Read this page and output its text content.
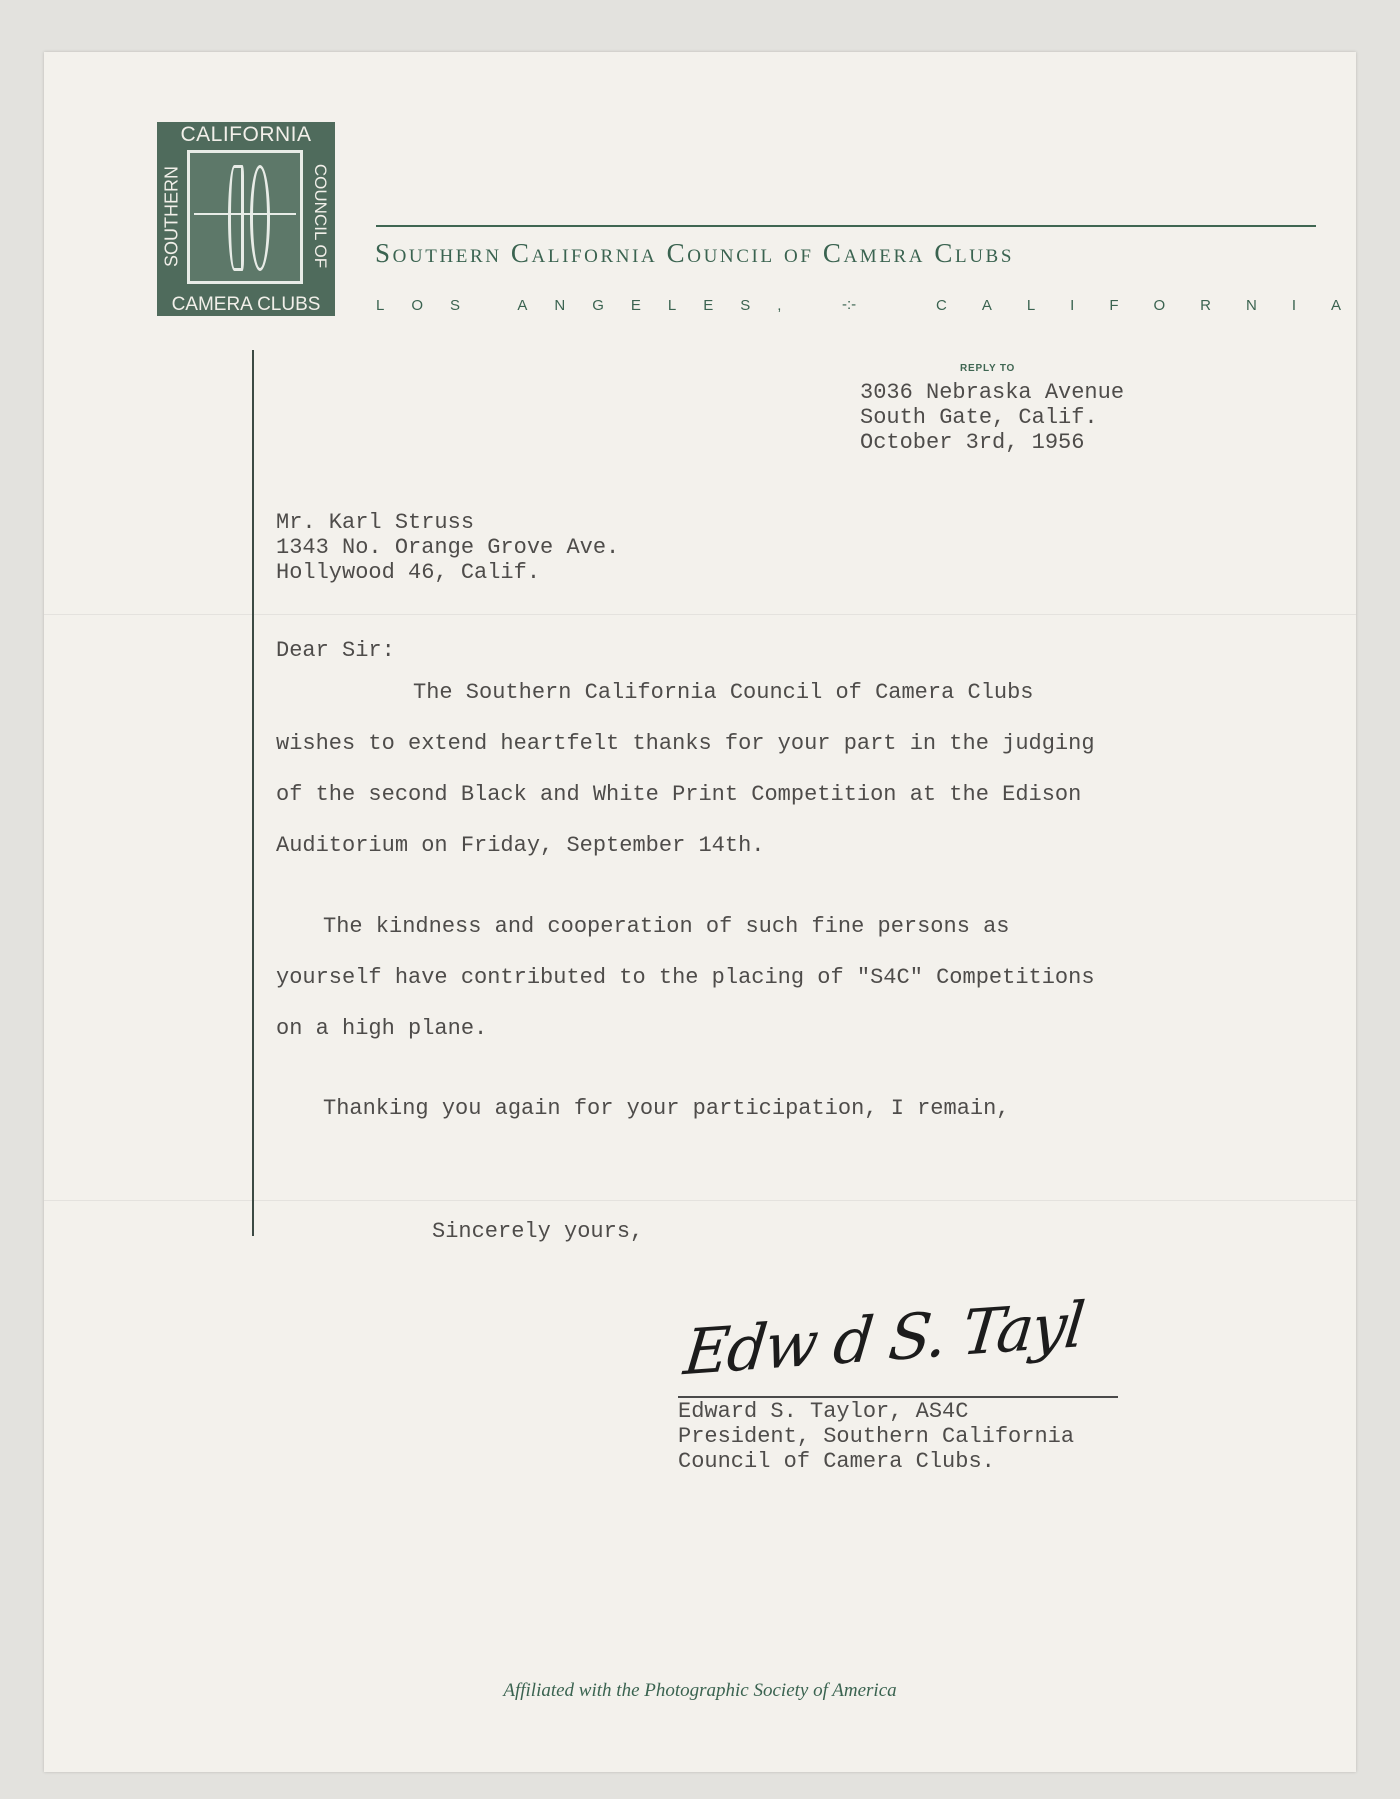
CALIFORNIA
SOUTHERN	COUNCIL OF
CAMERA CLUBS
Southern California Council of Camera Clubs
LOS ANGELES, -:-	CALIFORNIA
REPLY TO
3036 Nebraska Avenue
South Gate, Calif.
October 3rd, 1956
Mr. Karl Struss
1343 No. Orange Grove Ave.
Hollywood 46, Calif.
Dear Sir:
The Southern California Council of Camera Clubs
wishes to extend heartfelt thanks for your part in the judging
of the second Black and White Print Competition at the Edison
Auditorium on Friday, September 14th.
The kindness and cooperation of such fine persons as
yourself have contributed to the placing of "S4C" Competitions
on a high plane.
Thanking you again for your participation, I remain,
Sincerely yours,
Edw d S. Tayl
Edward S. Taylor, AS4C
President, Southern California
Council of Camera Clubs.
Affiliated with the Photographic Society of America
